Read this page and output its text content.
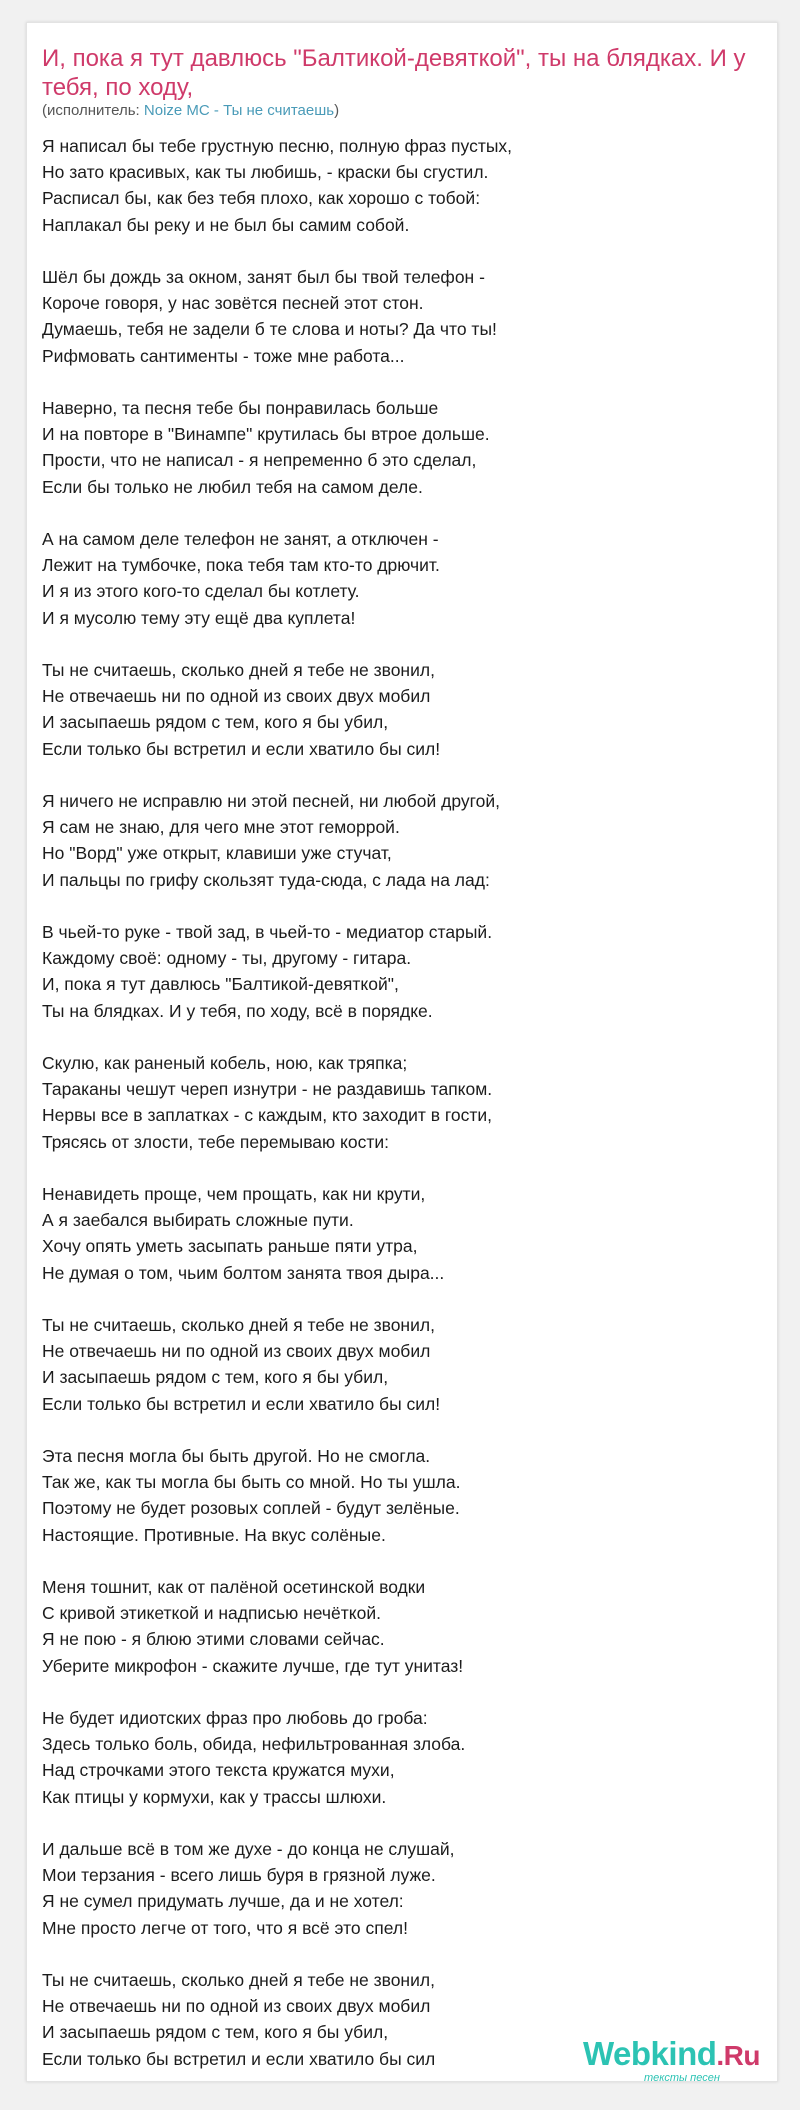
И, пока я тут давлюсь "Балтикой-девяткой", ты на блядках. И у тебя, по ходу,
(исполнитель: Noize MC - Ты не считаешь)
Я написал бы тебе грустную песню, полную фраз пустых,
Но зато красивых, как ты любишь, - краски бы сгустил.
Расписал бы, как без тебя плохо, как хорошо с тобой:
Наплакал бы реку и не был бы самим собой.
Шёл бы дождь за окном, занят был бы твой телефон -
Короче говоря, у нас зовётся песней этот стон.
Думаешь, тебя не задели б те слова и ноты? Да что ты!
Рифмовать сантименты - тоже мне работа...
Наверно, та песня тебе бы понравилась больше
И на повторе в "Винампе" крутилась бы втрое дольше.
Прости, что не написал - я непременно б это сделал,
Если бы только не любил тебя на самом деле.
А на самом деле телефон не занят, а отключен -
Лежит на тумбочке, пока тебя там кто-то дрючит.
И я из этого кого-то сделал бы котлету.
И я мусолю тему эту ещё два куплета!
Ты не считаешь, сколько дней я тебе не звонил,
Не отвечаешь ни по одной из своих двух мобил
И засыпаешь рядом с тем, кого я бы убил,
Если только бы встретил и если хватило бы сил!
Я ничего не исправлю ни этой песней, ни любой другой,
Я сам не знаю, для чего мне этот геморрой.
Но "Ворд" уже открыт, клавиши уже стучат,
И пальцы по грифу скользят туда-сюда, с лада на лад:
В чьей-то руке - твой зад, в чьей-то - медиатор старый.
Каждому своё: одному - ты, другому - гитара.
И, пока я тут давлюсь "Балтикой-девяткой",
Ты на блядках. И у тебя, по ходу, всё в порядке.
Скулю, как раненый кобель, ною, как тряпка;
Тараканы чешут череп изнутри - не раздавишь тапком.
Нервы все в заплатках - с каждым, кто заходит в гости,
Трясясь от злости, тебе перемываю кости:
Ненавидеть проще, чем прощать, как ни крути,
А я заебался выбирать сложные пути.
Хочу опять уметь засыпать раньше пяти утра,
Не думая о том, чьим болтом занята твоя дыра...
Ты не считаешь, сколько дней я тебе не звонил,
Не отвечаешь ни по одной из своих двух мобил
И засыпаешь рядом с тем, кого я бы убил,
Если только бы встретил и если хватило бы сил!
Эта песня могла бы быть другой. Но не смогла.
Так же, как ты могла бы быть со мной. Но ты ушла.
Поэтому не будет розовых соплей - будут зелёные.
Настоящие. Противные. На вкус солёные.
Меня тошнит, как от палёной осетинской водки
С кривой этикеткой и надписью нечёткой.
Я не пою - я блюю этими словами сейчас.
Уберите микрофон - скажите лучше, где тут унитаз!
Не будет идиотских фраз про любовь до гроба:
Здесь только боль, обида, нефильтрованная злоба.
Над строчками этого текста кружатся мухи,
Как птицы у кормухи, как у трассы шлюхи.
И дальше всё в том же духе - до конца не слушай,
Мои терзания - всего лишь буря в грязной луже.
Я не сумел придумать лучше, да и не хотел:
Мне просто легче от того, что я всё это спел!
Ты не считаешь, сколько дней я тебе не звонил,
Не отвечаешь ни по одной из своих двух мобил
И засыпаешь рядом с тем, кого я бы убил,
Если только бы встретил и если хватило бы сил	Webkind.Ru
тексты песен
